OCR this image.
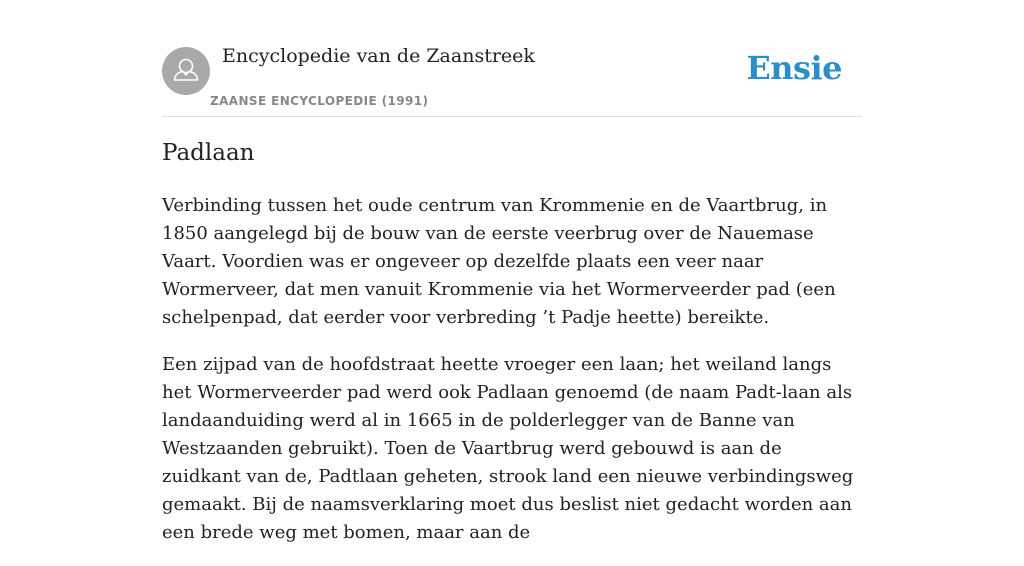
Encyclopedie van de Zaanstreek
ZAANSE ENCYCLOPEDIE (1991)
Ensie
Padlaan

Verbinding tussen het oude centrum van Krommenie en de Vaartbrug, in 1850 aangelegd bij de bouw van de eerste veerbrug over de Nauemase Vaart. Voordien was er ongeveer op dezelfde plaats een veer naar Wormerveer, dat men vanuit Krommenie via het Wormerveerder pad (een schelpenpad, dat eerder voor verbreding ’t Padje heette) bereikte.

Een zijpad van de hoofdstraat heette vroeger een laan; het weiland langs het Wormerveerder pad werd ook Padlaan genoemd (de naam Padt-laan als landaanduiding werd al in 1665 in de polderlegger van de Banne van Westzaanden gebruikt). Toen de Vaartbrug werd gebouwd is aan de zuidkant van de, Padtlaan geheten, strook land een nieuwe verbindingsweg gemaakt. Bij de naamsverklaring moet dus beslist niet gedacht worden aan een brede weg met bomen, maar aan de
